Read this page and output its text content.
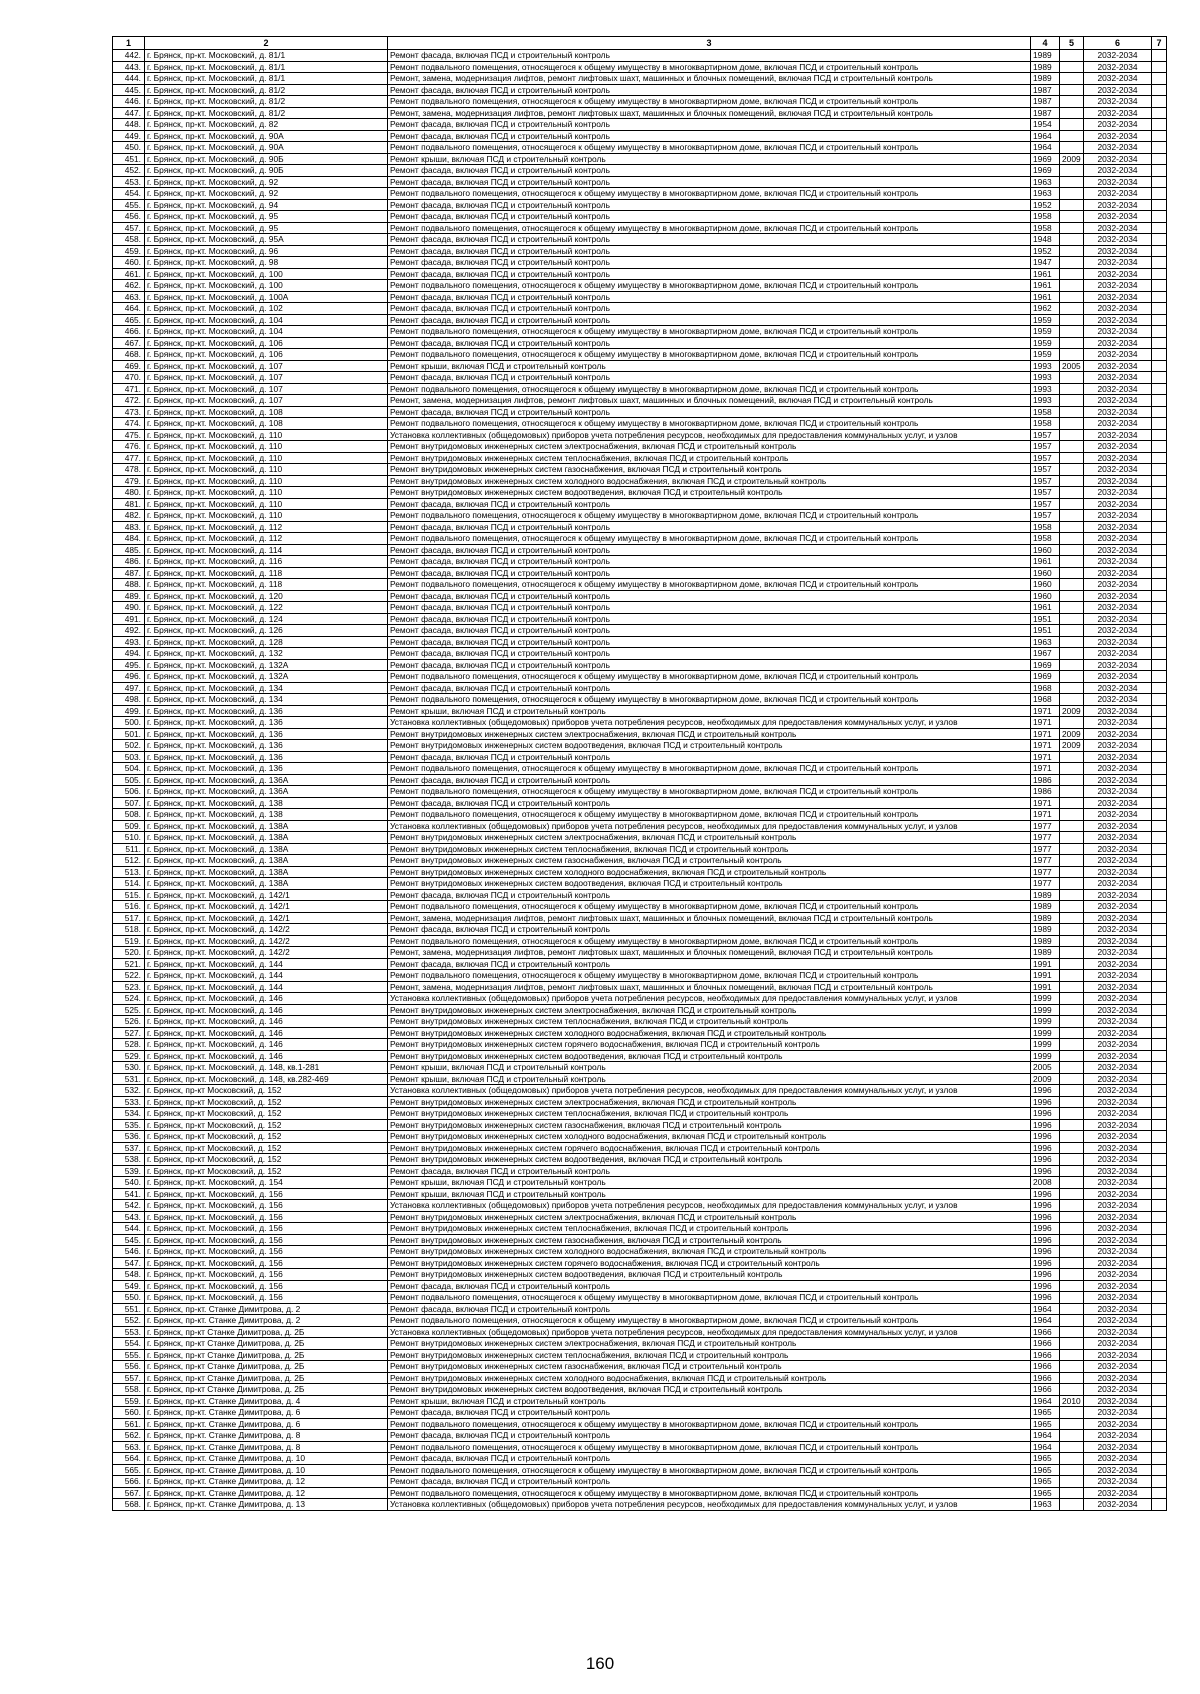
1	2	3	4	5	6	7
442.	г. Брянск, пр-кт. Московский, д. 81/1	Ремонт фасада, включая ПСД и строительный контроль	1989		2032-2034	
443.	г. Брянск, пр-кт. Московский, д. 81/1	Ремонт подвального помещения, относящегося к общему имуществу в многоквартирном доме, включая ПСД и строительный контроль	1989		2032-2034	
444.	г. Брянск, пр-кт. Московский, д. 81/1	Ремонт, замена, модернизация лифтов, ремонт лифтовых шахт, машинных и блочных помещений, включая ПСД и строительный контроль	1989		2032-2034	
445.	г. Брянск, пр-кт. Московский, д. 81/2	Ремонт фасада, включая ПСД и строительный контроль	1987		2032-2034	
446.	г. Брянск, пр-кт. Московский, д. 81/2	Ремонт подвального помещения, относящегося к общему имуществу в многоквартирном доме, включая ПСД и строительный контроль	1987		2032-2034	
447.	г. Брянск, пр-кт. Московский, д. 81/2	Ремонт, замена, модернизация лифтов, ремонт лифтовых шахт, машинных и блочных помещений, включая ПСД и строительный контроль	1987		2032-2034	
448.	г. Брянск, пр-кт. Московский, д. 82	Ремонт фасада, включая ПСД и строительный контроль	1954		2032-2034	
449.	г. Брянск, пр-кт. Московский, д. 90А	Ремонт фасада, включая ПСД и строительный контроль	1964		2032-2034	
450.	г. Брянск, пр-кт. Московский, д. 90А	Ремонт подвального помещения, относящегося к общему имуществу в многоквартирном доме, включая ПСД и строительный контроль	1964		2032-2034	
451.	г. Брянск, пр-кт. Московский, д. 90Б	Ремонт крыши, включая ПСД и строительный контроль	1969	2009	2032-2034	
452.	г. Брянск, пр-кт. Московский, д. 90Б	Ремонт фасада, включая ПСД и строительный контроль	1969		2032-2034	
453.	г. Брянск, пр-кт. Московский, д. 92	Ремонт фасада, включая ПСД и строительный контроль	1963		2032-2034	
454.	г. Брянск, пр-кт. Московский, д. 92	Ремонт подвального помещения, относящегося к общему имуществу в многоквартирном доме, включая ПСД и строительный контроль	1963		2032-2034	
455.	г. Брянск, пр-кт. Московский, д. 94	Ремонт фасада, включая ПСД и строительный контроль	1952		2032-2034	
456.	г. Брянск, пр-кт. Московский, д. 95	Ремонт фасада, включая ПСД и строительный контроль	1958		2032-2034	
457.	г. Брянск, пр-кт. Московский, д. 95	Ремонт подвального помещения, относящегося к общему имуществу в многоквартирном доме, включая ПСД и строительный контроль	1958		2032-2034	
458.	г. Брянск, пр-кт. Московский, д. 95А	Ремонт фасада, включая ПСД и строительный контроль	1948		2032-2034	
459.	г. Брянск, пр-кт. Московский, д. 96	Ремонт фасада, включая ПСД и строительный контроль	1952		2032-2034	
460.	г. Брянск, пр-кт. Московский, д. 98	Ремонт фасада, включая ПСД и строительный контроль	1947		2032-2034	
461.	г. Брянск, пр-кт. Московский, д. 100	Ремонт фасада, включая ПСД и строительный контроль	1961		2032-2034	
462.	г. Брянск, пр-кт. Московский, д. 100	Ремонт подвального помещения, относящегося к общему имуществу в многоквартирном доме, включая ПСД и строительный контроль	1961		2032-2034	
463.	г. Брянск, пр-кт. Московский, д. 100А	Ремонт фасада, включая ПСД и строительный контроль	1961		2032-2034	
464.	г. Брянск, пр-кт. Московский, д. 102	Ремонт фасада, включая ПСД и строительный контроль	1962		2032-2034	
465.	г. Брянск, пр-кт. Московский, д. 104	Ремонт фасада, включая ПСД и строительный контроль	1959		2032-2034	
466.	г. Брянск, пр-кт. Московский, д. 104	Ремонт подвального помещения, относящегося к общему имуществу в многоквартирном доме, включая ПСД и строительный контроль	1959		2032-2034	
467.	г. Брянск, пр-кт. Московский, д. 106	Ремонт фасада, включая ПСД и строительный контроль	1959		2032-2034	
468.	г. Брянск, пр-кт. Московский, д. 106	Ремонт подвального помещения, относящегося к общему имуществу в многоквартирном доме, включая ПСД и строительный контроль	1959		2032-2034	
469.	г. Брянск, пр-кт. Московский, д. 107	Ремонт крыши, включая ПСД и строительный контроль	1993	2005	2032-2034	
470.	г. Брянск, пр-кт. Московский, д. 107	Ремонт фасада, включая ПСД и строительный контроль	1993		2032-2034	
471.	г. Брянск, пр-кт. Московский, д. 107	Ремонт подвального помещения, относящегося к общему имуществу в многоквартирном доме, включая ПСД и строительный контроль	1993		2032-2034	
472.	г. Брянск, пр-кт. Московский, д. 107	Ремонт, замена, модернизация лифтов, ремонт лифтовых шахт, машинных и блочных помещений, включая ПСД и строительный контроль	1993		2032-2034	
473.	г. Брянск, пр-кт. Московский, д. 108	Ремонт фасада, включая ПСД и строительный контроль	1958		2032-2034	
474.	г. Брянск, пр-кт. Московский, д. 108	Ремонт подвального помещения, относящегося к общему имуществу в многоквартирном доме, включая ПСД и строительный контроль	1958		2032-2034	
475.	г. Брянск, пр-кт. Московский, д. 110	Установка коллективных (общедомовых) приборов учета потребления ресурсов, необходимых для предоставления коммунальных услуг, и узлов	1957		2032-2034	
476.	г. Брянск, пр-кт. Московский, д. 110	Ремонт внутридомовых инженерных систем электроснабжения, включая ПСД и строительный контроль	1957		2032-2034	
477.	г. Брянск, пр-кт. Московский, д. 110	Ремонт внутридомовых инженерных систем теплоснабжения, включая ПСД и строительный контроль	1957		2032-2034	
478.	г. Брянск, пр-кт. Московский, д. 110	Ремонт внутридомовых инженерных систем газоснабжения, включая ПСД и строительный контроль	1957		2032-2034	
479.	г. Брянск, пр-кт. Московский, д. 110	Ремонт внутридомовых инженерных систем холодного водоснабжения, включая ПСД и строительный контроль	1957		2032-2034	
480.	г. Брянск, пр-кт. Московский, д. 110	Ремонт внутридомовых инженерных систем водоотведения, включая ПСД и строительный контроль	1957		2032-2034	
481.	г. Брянск, пр-кт. Московский, д. 110	Ремонт фасада, включая ПСД и строительный контроль	1957		2032-2034	
482.	г. Брянск, пр-кт. Московский, д. 110	Ремонт подвального помещения, относящегося к общему имуществу в многоквартирном доме, включая ПСД и строительный контроль	1957		2032-2034	
483.	г. Брянск, пр-кт. Московский, д. 112	Ремонт фасада, включая ПСД и строительный контроль	1958		2032-2034	
484.	г. Брянск, пр-кт. Московский, д. 112	Ремонт подвального помещения, относящегося к общему имуществу в многоквартирном доме, включая ПСД и строительный контроль	1958		2032-2034	
485.	г. Брянск, пр-кт. Московский, д. 114	Ремонт фасада, включая ПСД и строительный контроль	1960		2032-2034	
486.	г. Брянск, пр-кт. Московский, д. 116	Ремонт фасада, включая ПСД и строительный контроль	1961		2032-2034	
487.	г. Брянск, пр-кт. Московский, д. 118	Ремонт фасада, включая ПСД и строительный контроль	1960		2032-2034	
488.	г. Брянск, пр-кт. Московский, д. 118	Ремонт подвального помещения, относящегося к общему имуществу в многоквартирном доме, включая ПСД и строительный контроль	1960		2032-2034	
489.	г. Брянск, пр-кт. Московский, д. 120	Ремонт фасада, включая ПСД и строительный контроль	1960		2032-2034	
490.	г. Брянск, пр-кт. Московский, д. 122	Ремонт фасада, включая ПСД и строительный контроль	1961		2032-2034	
491.	г. Брянск, пр-кт. Московский, д. 124	Ремонт фасада, включая ПСД и строительный контроль	1951		2032-2034	
492.	г. Брянск, пр-кт. Московский, д. 126	Ремонт фасада, включая ПСД и строительный контроль	1951		2032-2034	
493.	г. Брянск, пр-кт. Московский, д. 128	Ремонт фасада, включая ПСД и строительный контроль	1963		2032-2034	
494.	г. Брянск, пр-кт. Московский, д. 132	Ремонт фасада, включая ПСД и строительный контроль	1967		2032-2034	
495.	г. Брянск, пр-кт. Московский, д. 132А	Ремонт фасада, включая ПСД и строительный контроль	1969		2032-2034	
496.	г. Брянск, пр-кт. Московский, д. 132А	Ремонт подвального помещения, относящегося к общему имуществу в многоквартирном доме, включая ПСД и строительный контроль	1969		2032-2034	
497.	г. Брянск, пр-кт. Московский, д. 134	Ремонт фасада, включая ПСД и строительный контроль	1968		2032-2034	
498.	г. Брянск, пр-кт. Московский, д. 134	Ремонт подвального помещения, относящегося к общему имуществу в многоквартирном доме, включая ПСД и строительный контроль	1968		2032-2034	
499.	г. Брянск, пр-кт. Московский, д. 136	Ремонт крыши, включая ПСД и строительный контроль	1971	2009	2032-2034	
500.	г. Брянск, пр-кт. Московский, д. 136	Установка коллективных (общедомовых) приборов учета потребления ресурсов, необходимых для предоставления коммунальных услуг, и узлов	1971		2032-2034	
501.	г. Брянск, пр-кт. Московский, д. 136	Ремонт внутридомовых инженерных систем электроснабжения, включая ПСД и строительный контроль	1971	2009	2032-2034	
502.	г. Брянск, пр-кт. Московский, д. 136	Ремонт внутридомовых инженерных систем водоотведения, включая ПСД и строительный контроль	1971	2009	2032-2034	
503.	г. Брянск, пр-кт. Московский, д. 136	Ремонт фасада, включая ПСД и строительный контроль	1971		2032-2034	
504.	г. Брянск, пр-кт. Московский, д. 136	Ремонт подвального помещения, относящегося к общему имуществу в многоквартирном доме, включая ПСД и строительный контроль	1971		2032-2034	
505.	г. Брянск, пр-кт. Московский, д. 136А	Ремонт фасада, включая ПСД и строительный контроль	1986		2032-2034	
506.	г. Брянск, пр-кт. Московский, д. 136А	Ремонт подвального помещения, относящегося к общему имуществу в многоквартирном доме, включая ПСД и строительный контроль	1986		2032-2034	
507.	г. Брянск, пр-кт. Московский, д. 138	Ремонт фасада, включая ПСД и строительный контроль	1971		2032-2034	
508.	г. Брянск, пр-кт. Московский, д. 138	Ремонт подвального помещения, относящегося к общему имуществу в многоквартирном доме, включая ПСД и строительный контроль	1971		2032-2034	
509.	г. Брянск, пр-кт. Московский, д. 138А	Установка коллективных (общедомовых) приборов учета потребления ресурсов, необходимых для предоставления коммунальных услуг, и узлов	1977		2032-2034	
510.	г. Брянск, пр-кт. Московский, д. 138А	Ремонт внутридомовых инженерных систем электроснабжения, включая ПСД и строительный контроль	1977		2032-2034	
511.	г. Брянск, пр-кт. Московский, д. 138А	Ремонт внутридомовых инженерных систем теплоснабжения, включая ПСД и строительный контроль	1977		2032-2034	
512.	г. Брянск, пр-кт. Московский, д. 138А	Ремонт внутридомовых инженерных систем газоснабжения, включая ПСД и строительный контроль	1977		2032-2034	
513.	г. Брянск, пр-кт. Московский, д. 138А	Ремонт внутридомовых инженерных систем холодного водоснабжения, включая ПСД и строительный контроль	1977		2032-2034	
514.	г. Брянск, пр-кт. Московский, д. 138А	Ремонт внутридомовых инженерных систем водоотведения, включая ПСД и строительный контроль	1977		2032-2034	
515.	г. Брянск, пр-кт. Московский, д. 142/1	Ремонт фасада, включая ПСД и строительный контроль	1989		2032-2034	
516.	г. Брянск, пр-кт. Московский, д. 142/1	Ремонт подвального помещения, относящегося к общему имуществу в многоквартирном доме, включая ПСД и строительный контроль	1989		2032-2034	
517.	г. Брянск, пр-кт. Московский, д. 142/1	Ремонт, замена, модернизация лифтов, ремонт лифтовых шахт, машинных и блочных помещений, включая ПСД и строительный контроль	1989		2032-2034	
518.	г. Брянск, пр-кт. Московский, д. 142/2	Ремонт фасада, включая ПСД и строительный контроль	1989		2032-2034	
519.	г. Брянск, пр-кт. Московский, д. 142/2	Ремонт подвального помещения, относящегося к общему имуществу в многоквартирном доме, включая ПСД и строительный контроль	1989		2032-2034	
520.	г. Брянск, пр-кт. Московский, д. 142/2	Ремонт, замена, модернизация лифтов, ремонт лифтовых шахт, машинных и блочных помещений, включая ПСД и строительный контроль	1989		2032-2034	
521.	г. Брянск, пр-кт. Московский, д. 144	Ремонт фасада, включая ПСД и строительный контроль	1991		2032-2034	
522.	г. Брянск, пр-кт. Московский, д. 144	Ремонт подвального помещения, относящегося к общему имуществу в многоквартирном доме, включая ПСД и строительный контроль	1991		2032-2034	
523.	г. Брянск, пр-кт. Московский, д. 144	Ремонт, замена, модернизация лифтов, ремонт лифтовых шахт, машинных и блочных помещений, включая ПСД и строительный контроль	1991		2032-2034	
524.	г. Брянск, пр-кт. Московский, д. 146	Установка коллективных (общедомовых) приборов учета потребления ресурсов, необходимых для предоставления коммунальных услуг, и узлов	1999		2032-2034	
525.	г. Брянск, пр-кт. Московский, д. 146	Ремонт внутридомовых инженерных систем электроснабжения, включая ПСД и строительный контроль	1999		2032-2034	
526.	г. Брянск, пр-кт. Московский, д. 146	Ремонт внутридомовых инженерных систем теплоснабжения, включая ПСД и строительный контроль	1999		2032-2034	
527.	г. Брянск, пр-кт. Московский, д. 146	Ремонт внутридомовых инженерных систем холодного водоснабжения, включая ПСД и строительный контроль	1999		2032-2034	
528.	г. Брянск, пр-кт. Московский, д. 146	Ремонт внутридомовых инженерных систем горячего водоснабжения, включая ПСД и строительный контроль	1999		2032-2034	
529.	г. Брянск, пр-кт. Московский, д. 146	Ремонт внутридомовых инженерных систем водоотведения, включая ПСД и строительный контроль	1999		2032-2034	
530.	г. Брянск, пр-кт. Московский, д. 148, кв.1-281	Ремонт крыши, включая ПСД и строительный контроль	2005		2032-2034	
531.	г. Брянск, пр-кт. Московский, д. 148, кв.282-469	Ремонт крыши, включая ПСД и строительный контроль	2009		2032-2034	
532.	г. Брянск, пр-кт Московский, д. 152	Установка коллективных (общедомовых) приборов учета потребления ресурсов, необходимых для предоставления коммунальных услуг, и узлов	1996		2032-2034	
533.	г. Брянск, пр-кт Московский, д. 152	Ремонт внутридомовых инженерных систем электроснабжения, включая ПСД и строительный контроль	1996		2032-2034	
534.	г. Брянск, пр-кт Московский, д. 152	Ремонт внутридомовых инженерных систем теплоснабжения, включая ПСД и строительный контроль	1996		2032-2034	
535.	г. Брянск, пр-кт Московский, д. 152	Ремонт внутридомовых инженерных систем газоснабжения, включая ПСД и строительный контроль	1996		2032-2034	
536.	г. Брянск, пр-кт Московский, д. 152	Ремонт внутридомовых инженерных систем холодного водоснабжения, включая ПСД и строительный контроль	1996		2032-2034	
537.	г. Брянск, пр-кт Московский, д. 152	Ремонт внутридомовых инженерных систем горячего водоснабжения, включая ПСД и строительный контроль	1996		2032-2034	
538.	г. Брянск, пр-кт Московский, д. 152	Ремонт внутридомовых инженерных систем водоотведения, включая ПСД и строительный контроль	1996		2032-2034	
539.	г. Брянск, пр-кт Московский, д. 152	Ремонт фасада, включая ПСД и строительный контроль	1996		2032-2034	
540.	г. Брянск, пр-кт. Московский, д. 154	Ремонт крыши, включая ПСД и строительный контроль	2008		2032-2034	
541.	г. Брянск, пр-кт. Московский, д. 156	Ремонт крыши, включая ПСД и строительный контроль	1996		2032-2034	
542.	г. Брянск, пр-кт. Московский, д. 156	Установка коллективных (общедомовых) приборов учета потребления ресурсов, необходимых для предоставления коммунальных услуг, и узлов	1996		2032-2034	
543.	г. Брянск, пр-кт. Московский, д. 156	Ремонт внутридомовых инженерных систем электроснабжения, включая ПСД и строительный контроль	1996		2032-2034	
544.	г. Брянск, пр-кт. Московский, д. 156	Ремонт внутридомовых инженерных систем теплоснабжения, включая ПСД и строительный контроль	1996		2032-2034	
545.	г. Брянск, пр-кт. Московский, д. 156	Ремонт внутридомовых инженерных систем газоснабжения, включая ПСД и строительный контроль	1996		2032-2034	
546.	г. Брянск, пр-кт. Московский, д. 156	Ремонт внутридомовых инженерных систем холодного водоснабжения, включая ПСД и строительный контроль	1996		2032-2034	
547.	г. Брянск, пр-кт. Московский, д. 156	Ремонт внутридомовых инженерных систем горячего водоснабжения, включая ПСД и строительный контроль	1996		2032-2034	
548.	г. Брянск, пр-кт. Московский, д. 156	Ремонт внутридомовых инженерных систем водоотведения, включая ПСД и строительный контроль	1996		2032-2034	
549.	г. Брянск, пр-кт. Московский, д. 156	Ремонт фасада, включая ПСД и строительный контроль	1996		2032-2034	
550.	г. Брянск, пр-кт. Московский, д. 156	Ремонт подвального помещения, относящегося к общему имуществу в многоквартирном доме, включая ПСД и строительный контроль	1996		2032-2034	
551.	г. Брянск, пр-кт. Станке Димитрова, д. 2	Ремонт фасада, включая ПСД и строительный контроль	1964		2032-2034	
552.	г. Брянск, пр-кт. Станке Димитрова, д. 2	Ремонт подвального помещения, относящегося к общему имуществу в многоквартирном доме, включая ПСД и строительный контроль	1964		2032-2034	
553.	г. Брянск, пр-кт Станке Димитрова, д. 2Б	Установка коллективных (общедомовых) приборов учета потребления ресурсов, необходимых для предоставления коммунальных услуг, и узлов	1966		2032-2034	
554.	г. Брянск, пр-кт Станке Димитрова, д. 2Б	Ремонт внутридомовых инженерных систем электроснабжения, включая ПСД и строительный контроль	1966		2032-2034	
555.	г. Брянск, пр-кт Станке Димитрова, д. 2Б	Ремонт внутридомовых инженерных систем теплоснабжения, включая ПСД и строительный контроль	1966		2032-2034	
556.	г. Брянск, пр-кт Станке Димитрова, д. 2Б	Ремонт внутридомовых инженерных систем газоснабжения, включая ПСД и строительный контроль	1966		2032-2034	
557.	г. Брянск, пр-кт Станке Димитрова, д. 2Б	Ремонт внутридомовых инженерных систем холодного водоснабжения, включая ПСД и строительный контроль	1966		2032-2034	
558.	г. Брянск, пр-кт Станке Димитрова, д. 2Б	Ремонт внутридомовых инженерных систем водоотведения, включая ПСД и строительный контроль	1966		2032-2034	
559.	г. Брянск, пр-кт. Станке Димитрова, д. 4	Ремонт крыши, включая ПСД и строительный контроль	1964	2010	2032-2034	
560.	г. Брянск, пр-кт. Станке Димитрова, д. 6	Ремонт фасада, включая ПСД и строительный контроль	1965		2032-2034	
561.	г. Брянск, пр-кт. Станке Димитрова, д. 6	Ремонт подвального помещения, относящегося к общему имуществу в многоквартирном доме, включая ПСД и строительный контроль	1965		2032-2034	
562.	г. Брянск, пр-кт. Станке Димитрова, д. 8	Ремонт фасада, включая ПСД и строительный контроль	1964		2032-2034	
563.	г. Брянск, пр-кт. Станке Димитрова, д. 8	Ремонт подвального помещения, относящегося к общему имуществу в многоквартирном доме, включая ПСД и строительный контроль	1964		2032-2034	
564.	г. Брянск, пр-кт. Станке Димитрова, д. 10	Ремонт фасада, включая ПСД и строительный контроль	1965		2032-2034	
565.	г. Брянск, пр-кт. Станке Димитрова, д. 10	Ремонт подвального помещения, относящегося к общему имуществу в многоквартирном доме, включая ПСД и строительный контроль	1965		2032-2034	
566.	г. Брянск, пр-кт. Станке Димитрова, д. 12	Ремонт фасада, включая ПСД и строительный контроль	1965		2032-2034	
567.	г. Брянск, пр-кт. Станке Димитрова, д. 12	Ремонт подвального помещения, относящегося к общему имуществу в многоквартирном доме, включая ПСД и строительный контроль	1965		2032-2034	
568.	г. Брянск, пр-кт. Станке Димитрова, д. 13	Установка коллективных (общедомовых) приборов учета потребления ресурсов, необходимых для предоставления коммунальных услуг, и узлов	1963		2032-2034	
160
